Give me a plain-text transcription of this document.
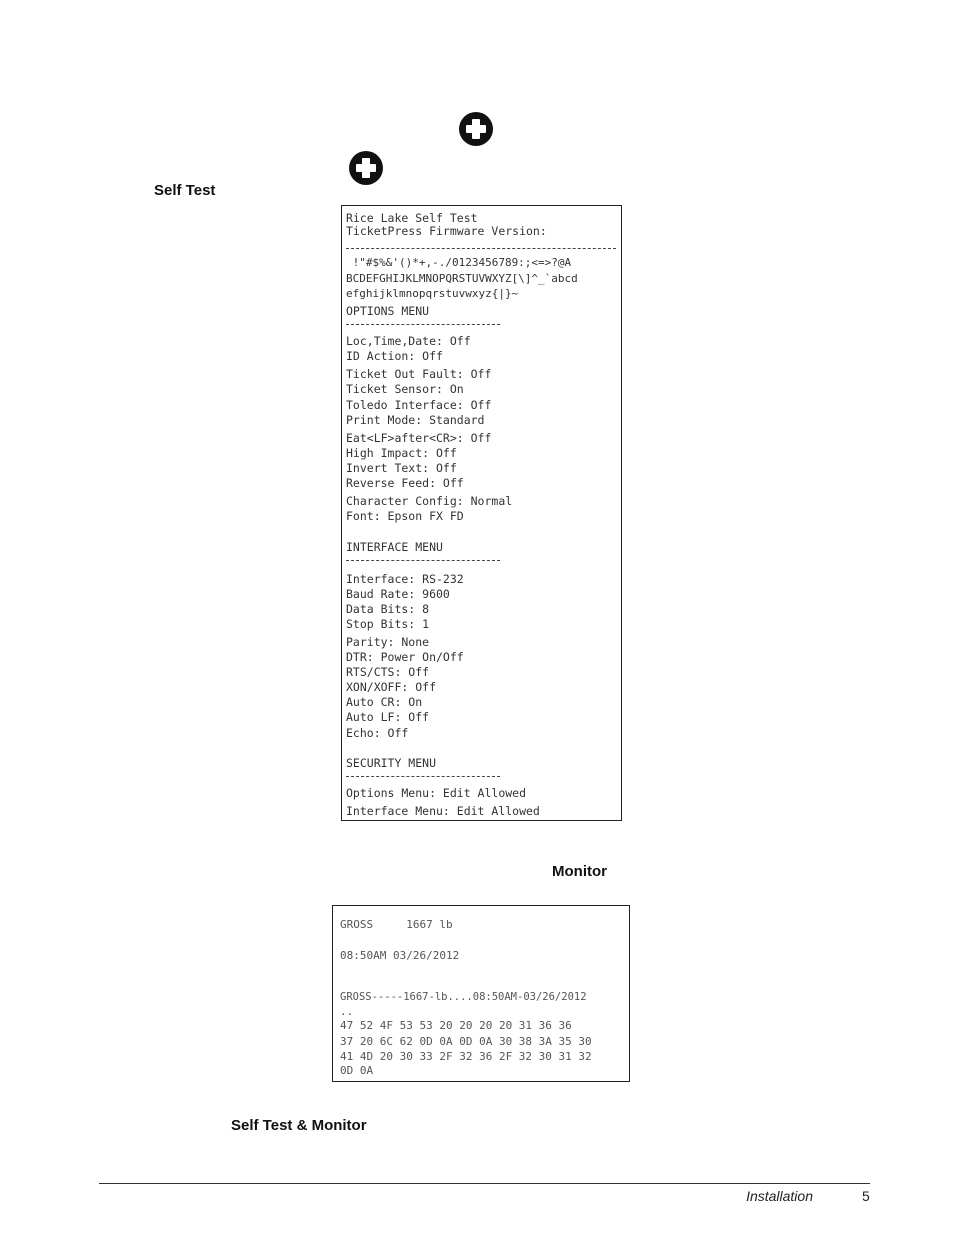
Self Test
Monitor
Self Test & Monitor
Rice Lake Self Test
TicketPress Firmware Version:
!"#$%&'()*+,-./0123456789:;<=>?@A
BCDEFGHIJKLMNOPQRSTUVWXYZ[\]^_`abcd
efghijklmnopqrstuvwxyz{|}~
OPTIONS MENU
Loc,Time,Date: Off
ID Action: Off
Ticket Out Fault: Off
Ticket Sensor: On
Toledo Interface: Off
Print Mode: Standard
Eat<LF>after<CR>: Off
High Impact: Off
Invert Text: Off
Reverse Feed: Off
Character Config: Normal
Font: Epson FX FD
INTERFACE MENU
Interface: RS-232
Baud Rate: 9600
Data Bits: 8
Stop Bits: 1
Parity: None
DTR: Power On/Off
RTS/CTS: Off
XON/XOFF: Off
Auto CR: On
Auto LF: Off
Echo: Off
SECURITY MENU
Options Menu: Edit Allowed
Interface Menu: Edit Allowed
GROSS     1667 lb
08:50AM 03/26/2012
GROSS-----1667-lb....08:50AM-03/26/2012
..
47 52 4F 53 53 20 20 20 20 31 36 36
37 20 6C 62 0D 0A 0D 0A 30 38 3A 35 30
41 4D 20 30 33 2F 32 36 2F 32 30 31 32
0D 0A
Installation	5
